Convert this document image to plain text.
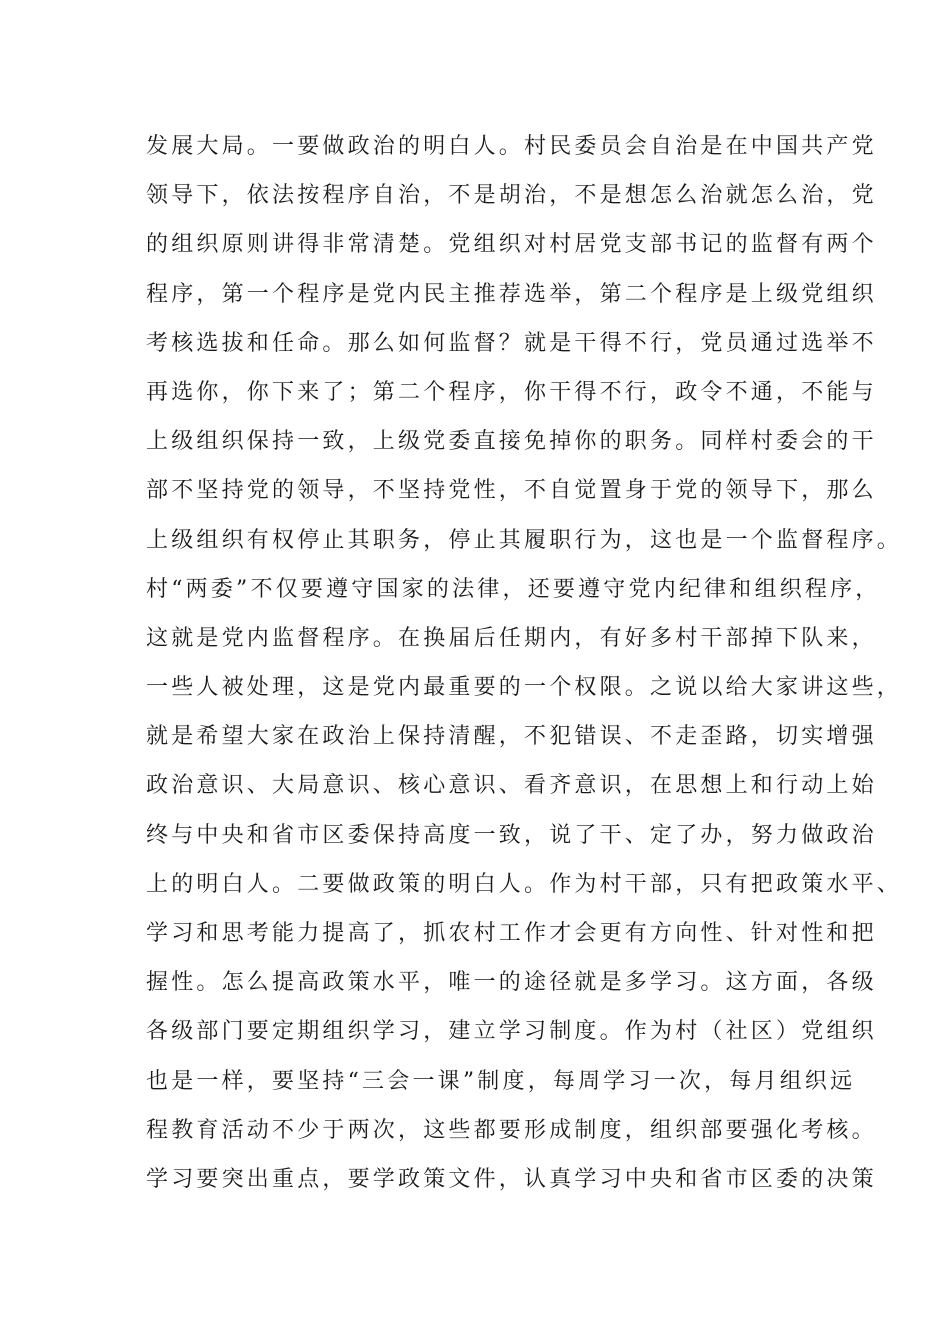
发展大局。一要做政治的明白人。村民委员会自治是在中国共产党
领导下，依法按程序自治，不是胡治，不是想怎么治就怎么治，党
的组织原则讲得非常清楚。党组织对村居党支部书记的监督有两个
程序，第一个程序是党内民主推荐选举，第二个程序是上级党组织
考核选拔和任命。那么如何监督？就是干得不行，党员通过选举不
再选你，你下来了；第二个程序，你干得不行，政令不通，不能与
上级组织保持一致，上级党委直接免掉你的职务。同样村委会的干
部不坚持党的领导，不坚持党性，不自觉置身于党的领导下，那么
上级组织有权停止其职务，停止其履职行为，这也是一个监督程序。
村“两委”不仅要遵守国家的法律，还要遵守党内纪律和组织程序，
这就是党内监督程序。在换届后任期内，有好多村干部掉下队来，
一些人被处理，这是党内最重要的一个权限。之说以给大家讲这些，
就是希望大家在政治上保持清醒，不犯错误、不走歪路，切实增强
政治意识、大局意识、核心意识、看齐意识，在思想上和行动上始
终与中央和省市区委保持高度一致，说了干、定了办，努力做政治
上的明白人。二要做政策的明白人。作为村干部，只有把政策水平、
学习和思考能力提高了，抓农村工作才会更有方向性、针对性和把
握性。怎么提高政策水平，唯一的途径就是多学习。这方面，各级
各级部门要定期组织学习，建立学习制度。作为村（社区）党组织
也是一样，要坚持“三会一课”制度，每周学习一次，每月组织远
程教育活动不少于两次，这些都要形成制度，组织部要强化考核。
学习要突出重点，要学政策文件，认真学习中央和省市区委的决策
